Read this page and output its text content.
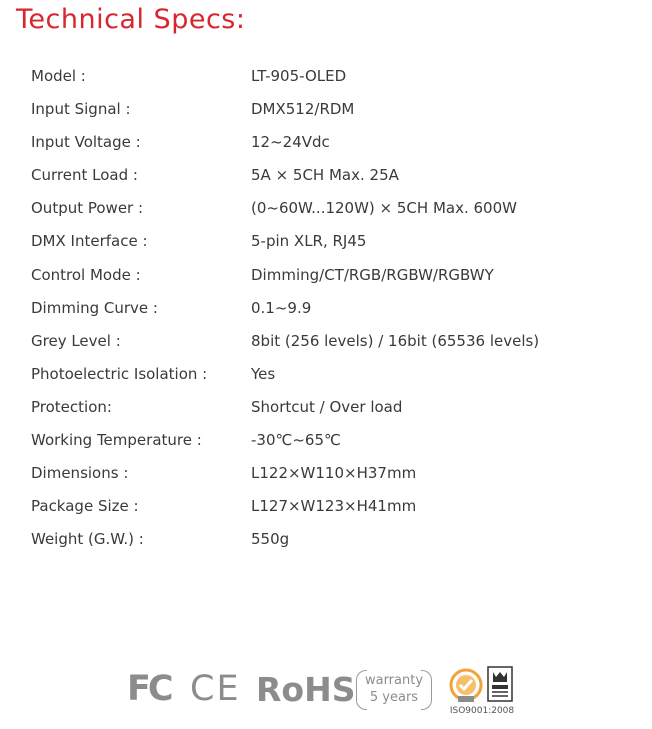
Technical Specs:
Model :	LT-905-OLED
Input Signal :	DMX512/RDM
Input Voltage :	12~24Vdc
Current Load :	5A × 5CH Max. 25A
Output Power :	(0~60W...120W) × 5CH Max. 600W
DMX Interface :	5-pin XLR, RJ45
Control Mode :	Dimming/CT/RGB/RGBW/RGBWY
Dimming Curve :	0.1~9.9
Grey Level :	8bit (256 levels) / 16bit (65536 levels)
Photoelectric Isolation :	Yes
Protection:	Shortcut / Over load
Working Temperature :	-30℃~65℃
Dimensions :	L122×W110×H37mm
Package Size :	L127×W123×H41mm
Weight (G.W.) :	550g
FC CE RoHS warranty
5 years
ISO9001:2008
